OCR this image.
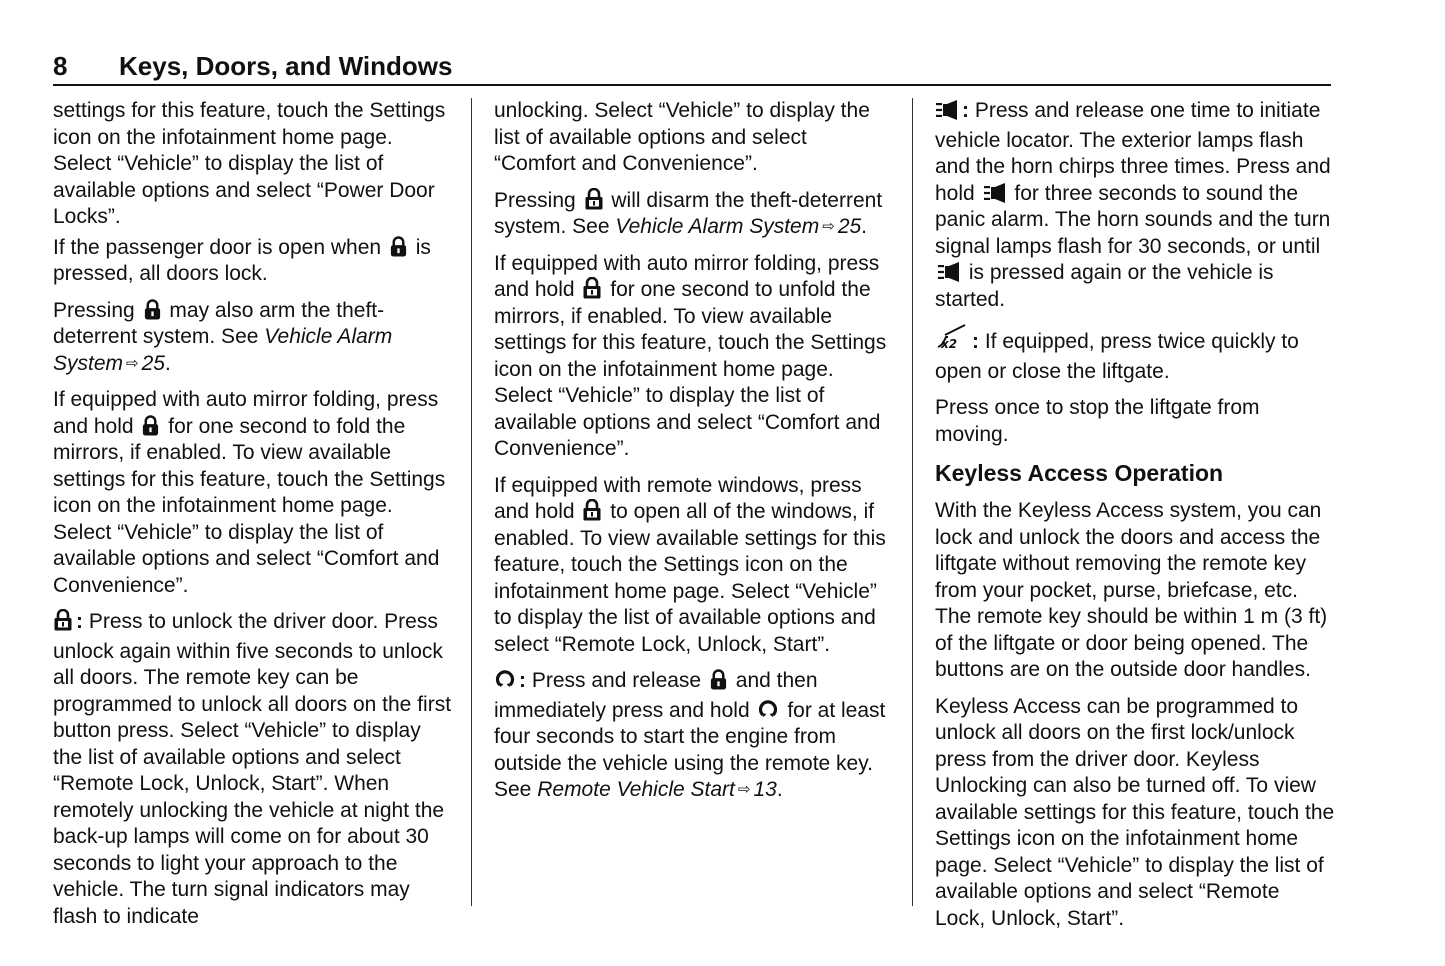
8 Keys, Doors, and Windows

settings for this feature, touch the Settings icon on the infotainment home page. Select “Vehicle” to display the list of available options and select “Power Door Locks”.

If the passenger door is open when is pressed, all doors lock.

Pressing may also arm the theft-deterrent system. See Vehicle Alarm System ⇨ 25.

If equipped with auto mirror folding, press and hold for one second to fold the mirrors, if enabled. To view available settings for this feature, touch the Settings icon on the infotainment home page. Select “Vehicle” to display the list of available options and select “Comfort and Convenience”.

: Press to unlock the driver door. Press unlock again within five seconds to unlock all doors. The remote key can be programmed to unlock all doors on the first button press. Select “Vehicle” to display the list of available options and select “Remote Lock, Unlock, Start”. When remotely unlocking the vehicle at night the back-up lamps will come on for about 30 seconds to light your approach to the vehicle. The turn signal indicators may flash to indicate

unlocking. Select “Vehicle” to display the list of available options and select “Comfort and Convenience”.

Pressing will disarm the theft-deterrent system. See Vehicle Alarm System ⇨ 25.

If equipped with auto mirror folding, press and hold for one second to unfold the mirrors, if enabled. To view available settings for this feature, touch the Settings icon on the infotainment home page. Select “Vehicle” to display the list of available options and select “Comfort and Convenience”.

If equipped with remote windows, press and hold to open all of the windows, if enabled. To view available settings for this feature, touch the Settings icon on the infotainment home page. Select “Vehicle” to display the list of available options and select “Remote Lock, Unlock, Start”.

: Press and release and then immediately press and hold for at least four seconds to start the engine from outside the vehicle using the remote key. See Remote Vehicle Start ⇨ 13.

: Press and release one time to initiate vehicle locator. The exterior lamps flash and the horn chirps three times. Press and hold for three seconds to sound the panic alarm. The horn sounds and the turn signal lamps flash for 30 seconds, or until
is pressed again or the vehicle is started.

: If equipped, press twice quickly to open or close the liftgate.

Press once to stop the liftgate from moving.

Keyless Access Operation

With the Keyless Access system, you can lock and unlock the doors and access the liftgate without removing the remote key from your pocket, purse, briefcase, etc. The remote key should be within 1 m (3 ft) of the liftgate or door being opened. The buttons are on the outside door handles.

Keyless Access can be programmed to unlock all doors on the first lock/unlock press from the driver door. Keyless Unlocking can also be turned off. To view available settings for this feature, touch the Settings icon on the infotainment home page. Select “Vehicle” to display the list of available options and select “Remote Lock, Unlock, Start”.
